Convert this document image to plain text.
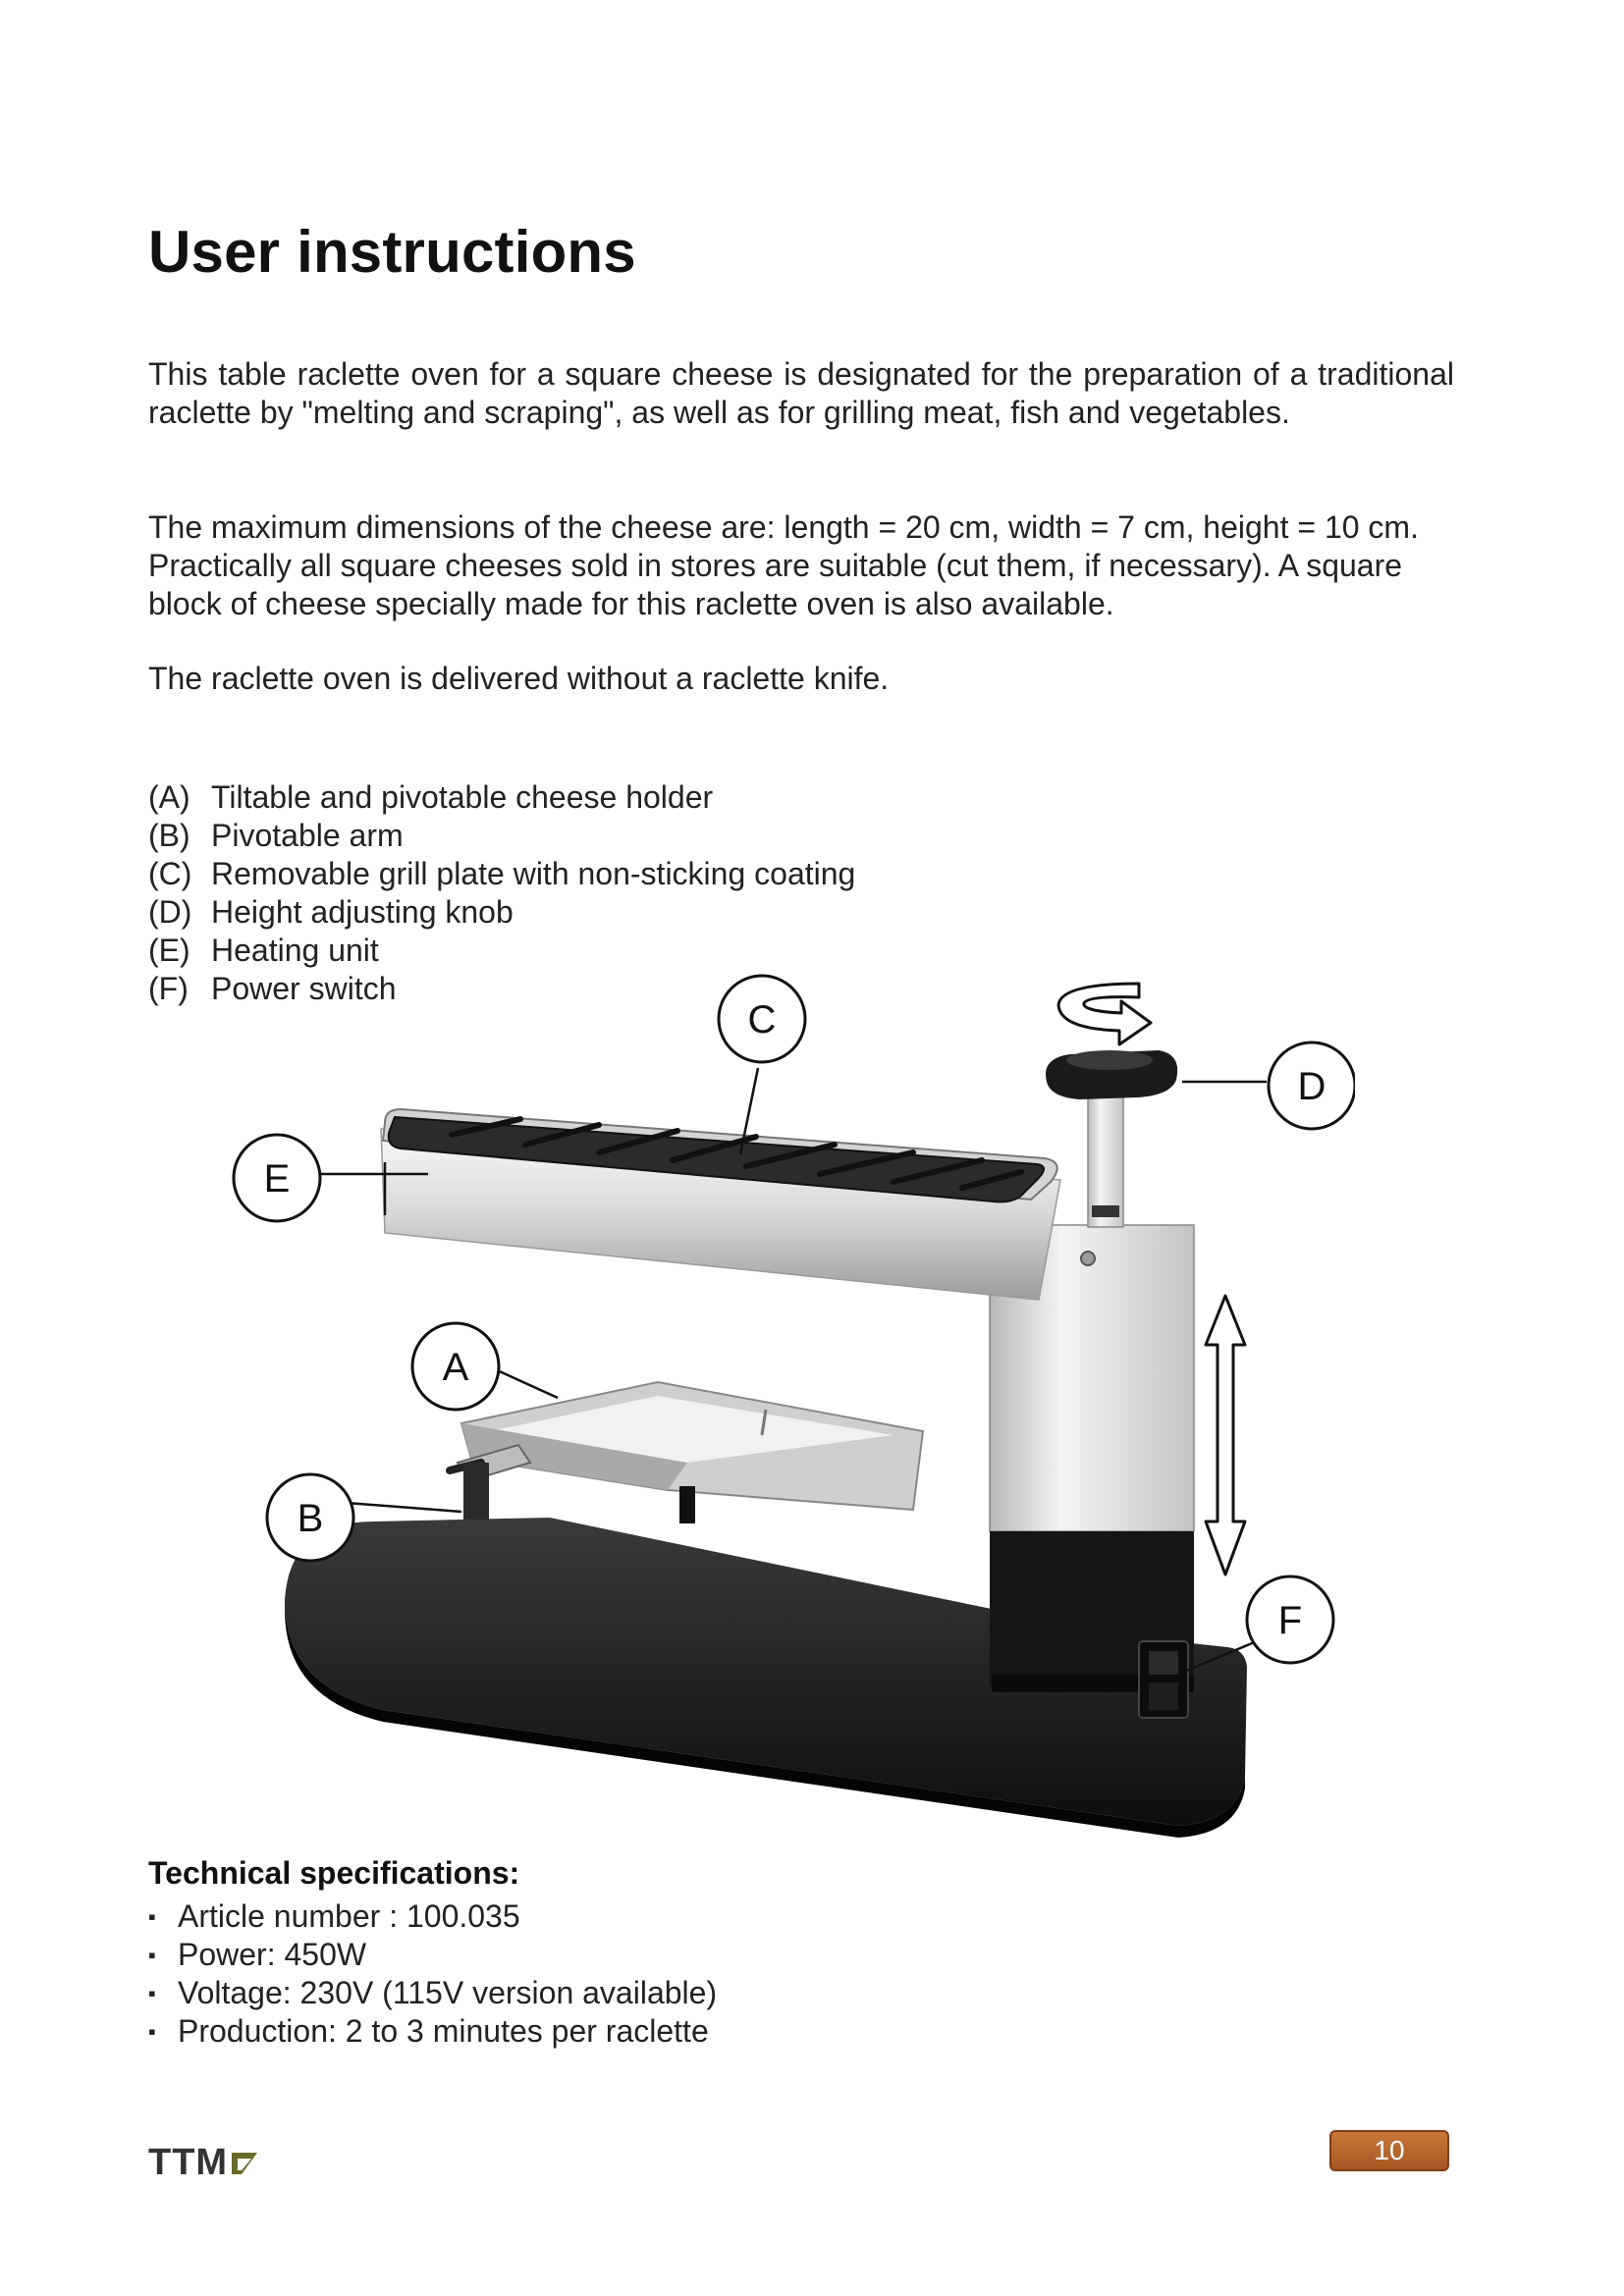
User instructions

This table raclette oven for a square cheese is designated for the preparation of a traditional raclette by "melting and scraping", as well as for grilling meat, fish and vegetables.

The maximum dimensions of the cheese are: length = 20 cm, width = 7 cm, height = 10 cm. Practically all square cheeses sold in stores are suitable (cut them, if necessary). A square block of cheese specially made for this raclette oven is also available.

The raclette oven is delivered without a raclette knife.

(A) Tiltable and pivotable cheese holder
(B) Pivotable arm
(C) Removable grill plate with non-sticking coating
(D) Height adjusting knob
(E) Heating unit
(F) Power switch
C
D
E
A
B
F
Technical specifications:
▪ Article number : 100.035
▪ Power: 450W
▪ Voltage: 230V (115V version available)
▪ Production: 2 to 3 minutes per raclette
TTM	10
